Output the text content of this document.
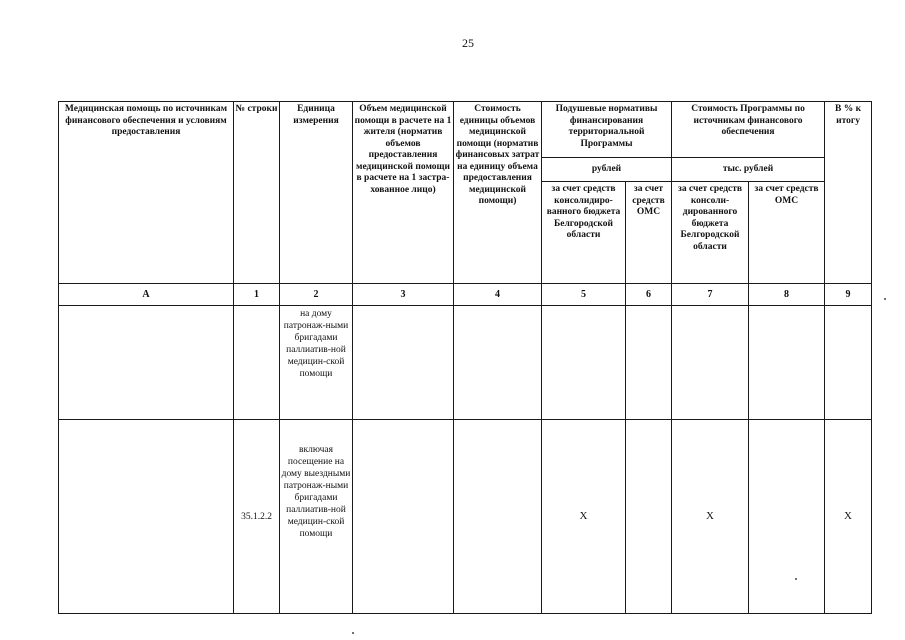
25
Медицинская помощь по источникам финансового обеспечения и условиям предоставления	№ строки	Единица измерения	Объем медицинской помощи в расчете на 1 жителя (норматив объемов предоставления медицинской помощи в расчете на 1 застра-хованное лицо)	Стоимость единицы объемов медицинской помощи (норматив финансовых затрат на единицу объема предоставления медицинской помощи)	Подушевые нормативы финансирования территориальной Программы		Стоимость Программы по источникам финансового обеспечения		В % к итогу
					рублей		тыс. рублей		
					за счет средств консолидиро-ванного бюджета Белгородской области	за счет средств ОМС	за счет средств консоли-дированного бюджета Белгородской области	за счет средств ОМС	
А	1	2	3	4	5	6	7	8	9
		на дому патронаж-ными бригадами паллиатив-ной медицин-ской помощи							
	35.1.2.2	включая посещение на дому выездными патронаж-ными бригадами паллиатив-ной медицин-ской помощи			Х		Х		Х
